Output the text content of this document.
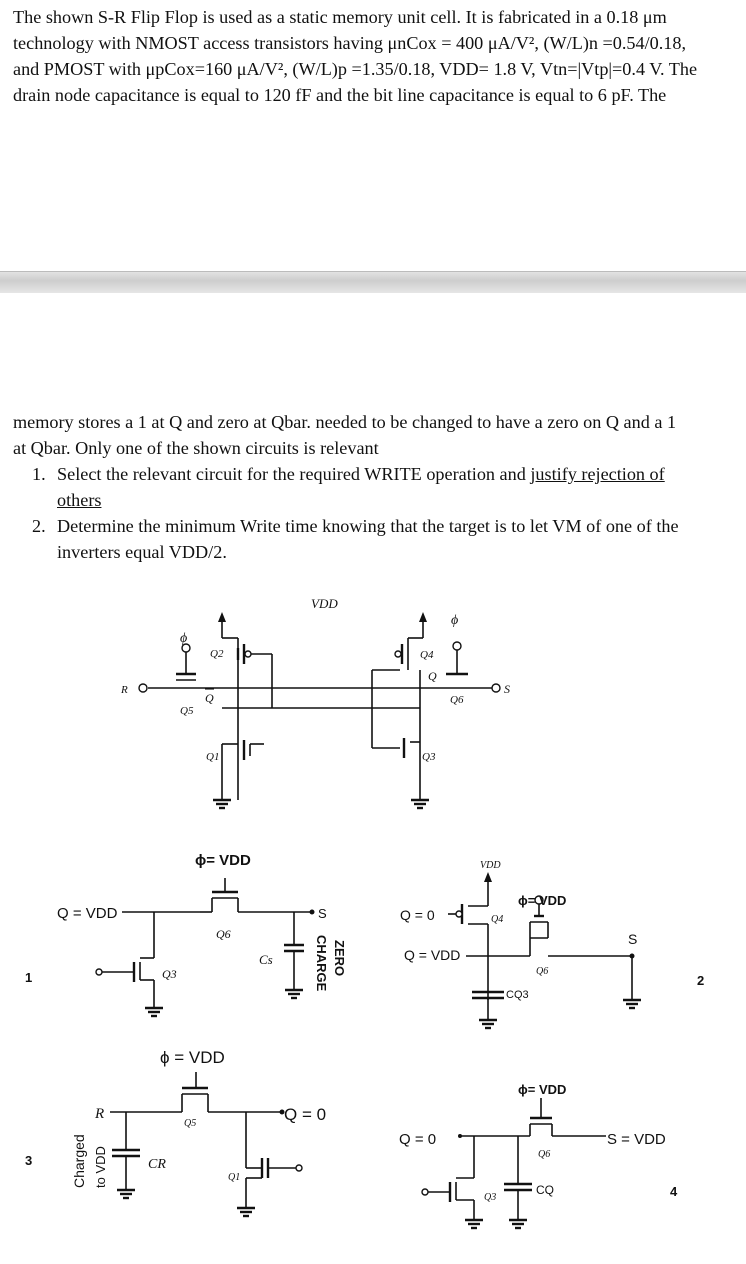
The shown S-R Flip Flop is used as a static memory unit cell. It is fabricated in a 0.18 μm

technology with NMOST access transistors having μnCox = 400 μA/V², (W/L)n =0.54/0.18,

and PMOST with μpCox=160 μA/V², (W/L)p =1.35/0.18, VDD= 1.8 V, Vtn=|Vtp|=0.4 V. The

drain node capacitance is equal to 120 fF and the bit line capacitance is equal to 6 pF. The

memory stores a 1 at Q and zero at Qbar. needed to be changed to have a zero on Q and a 1

at Qbar. Only one of the shown circuits is relevant

1. Select the relevant circuit for the required WRITE operation and justify rejection of
others
2. Determine the minimum Write time knowing that the target is to let VM of one of the
inverters equal VDD/2.
VDD
Q2
Q1
R
ϕ
Q5
Q
Q4
Q3
Q
ϕ
Q6
S
1
Q = VDD
ϕ= VDD
Q6
S
Cs	ZERO
CHARGE
Q3	2
VDD
Q = 0	Q4
Q = VDD
ϕ= VDD
Q6
S
CQ3
3
ϕ = VDD
Q5
R	Q = 0
CR
Charged to VDD	Q1
4
ϕ= VDD
Q6
Q = 0	S = VDD
Q3
CQ
